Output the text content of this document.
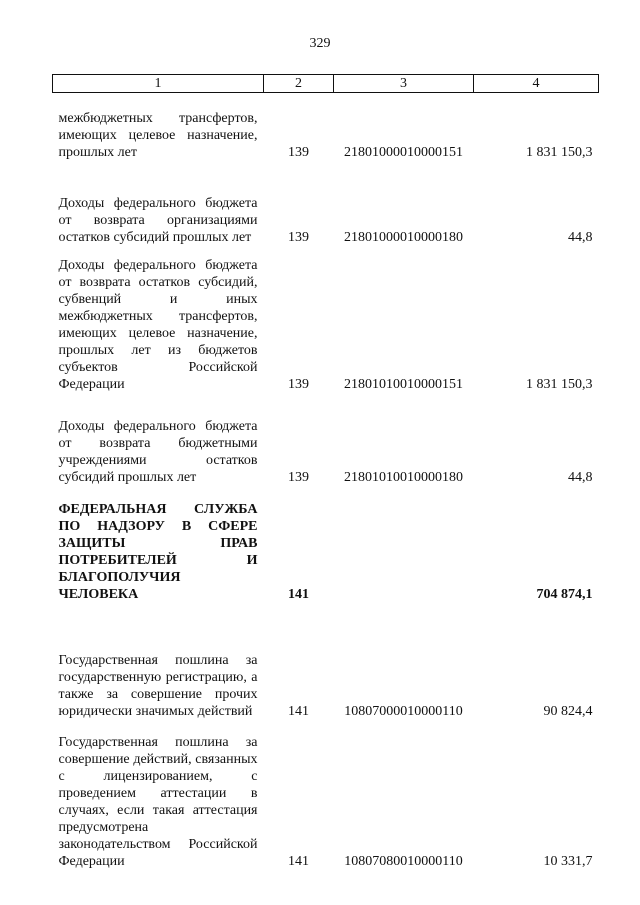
329
1	2	3	4
межбюджетных трансфертов, имеющих целевое назначение, прошлых лет	139	21801000010000151	1 831 150,3
Доходы федерального бюджета от возврата организациями остатков субсидий прошлых лет	139	21801000010000180	44,8
Доходы федерального бюджета от возврата остатков субсидий, субвенций и иных межбюджетных трансфертов, имеющих целевое назначение, прошлых лет из бюджетов субъектов Российской Федерации	139	21801010010000151	1 831 150,3
Доходы федерального бюджета от возврата бюджетными учреждениями остатков субсидий прошлых лет	139	21801010010000180	44,8
ФЕДЕРАЛЬНАЯ СЛУЖБА ПО НАДЗОРУ В СФЕРЕ ЗАЩИТЫ ПРАВ ПОТРЕБИТЕЛЕЙ И БЛАГОПОЛУЧИЯ ЧЕЛОВЕКА	141		704 874,1
Государственная пошлина за государственную регистрацию, а также за совершение прочих юридически значимых действий	141	10807000010000110	90 824,4
Государственная пошлина за совершение действий, связанных с лицензированием, с проведением аттестации в случаях, если такая аттестация предусмотрена законодательством Российской Федерации	141	10807080010000110	10 331,7
